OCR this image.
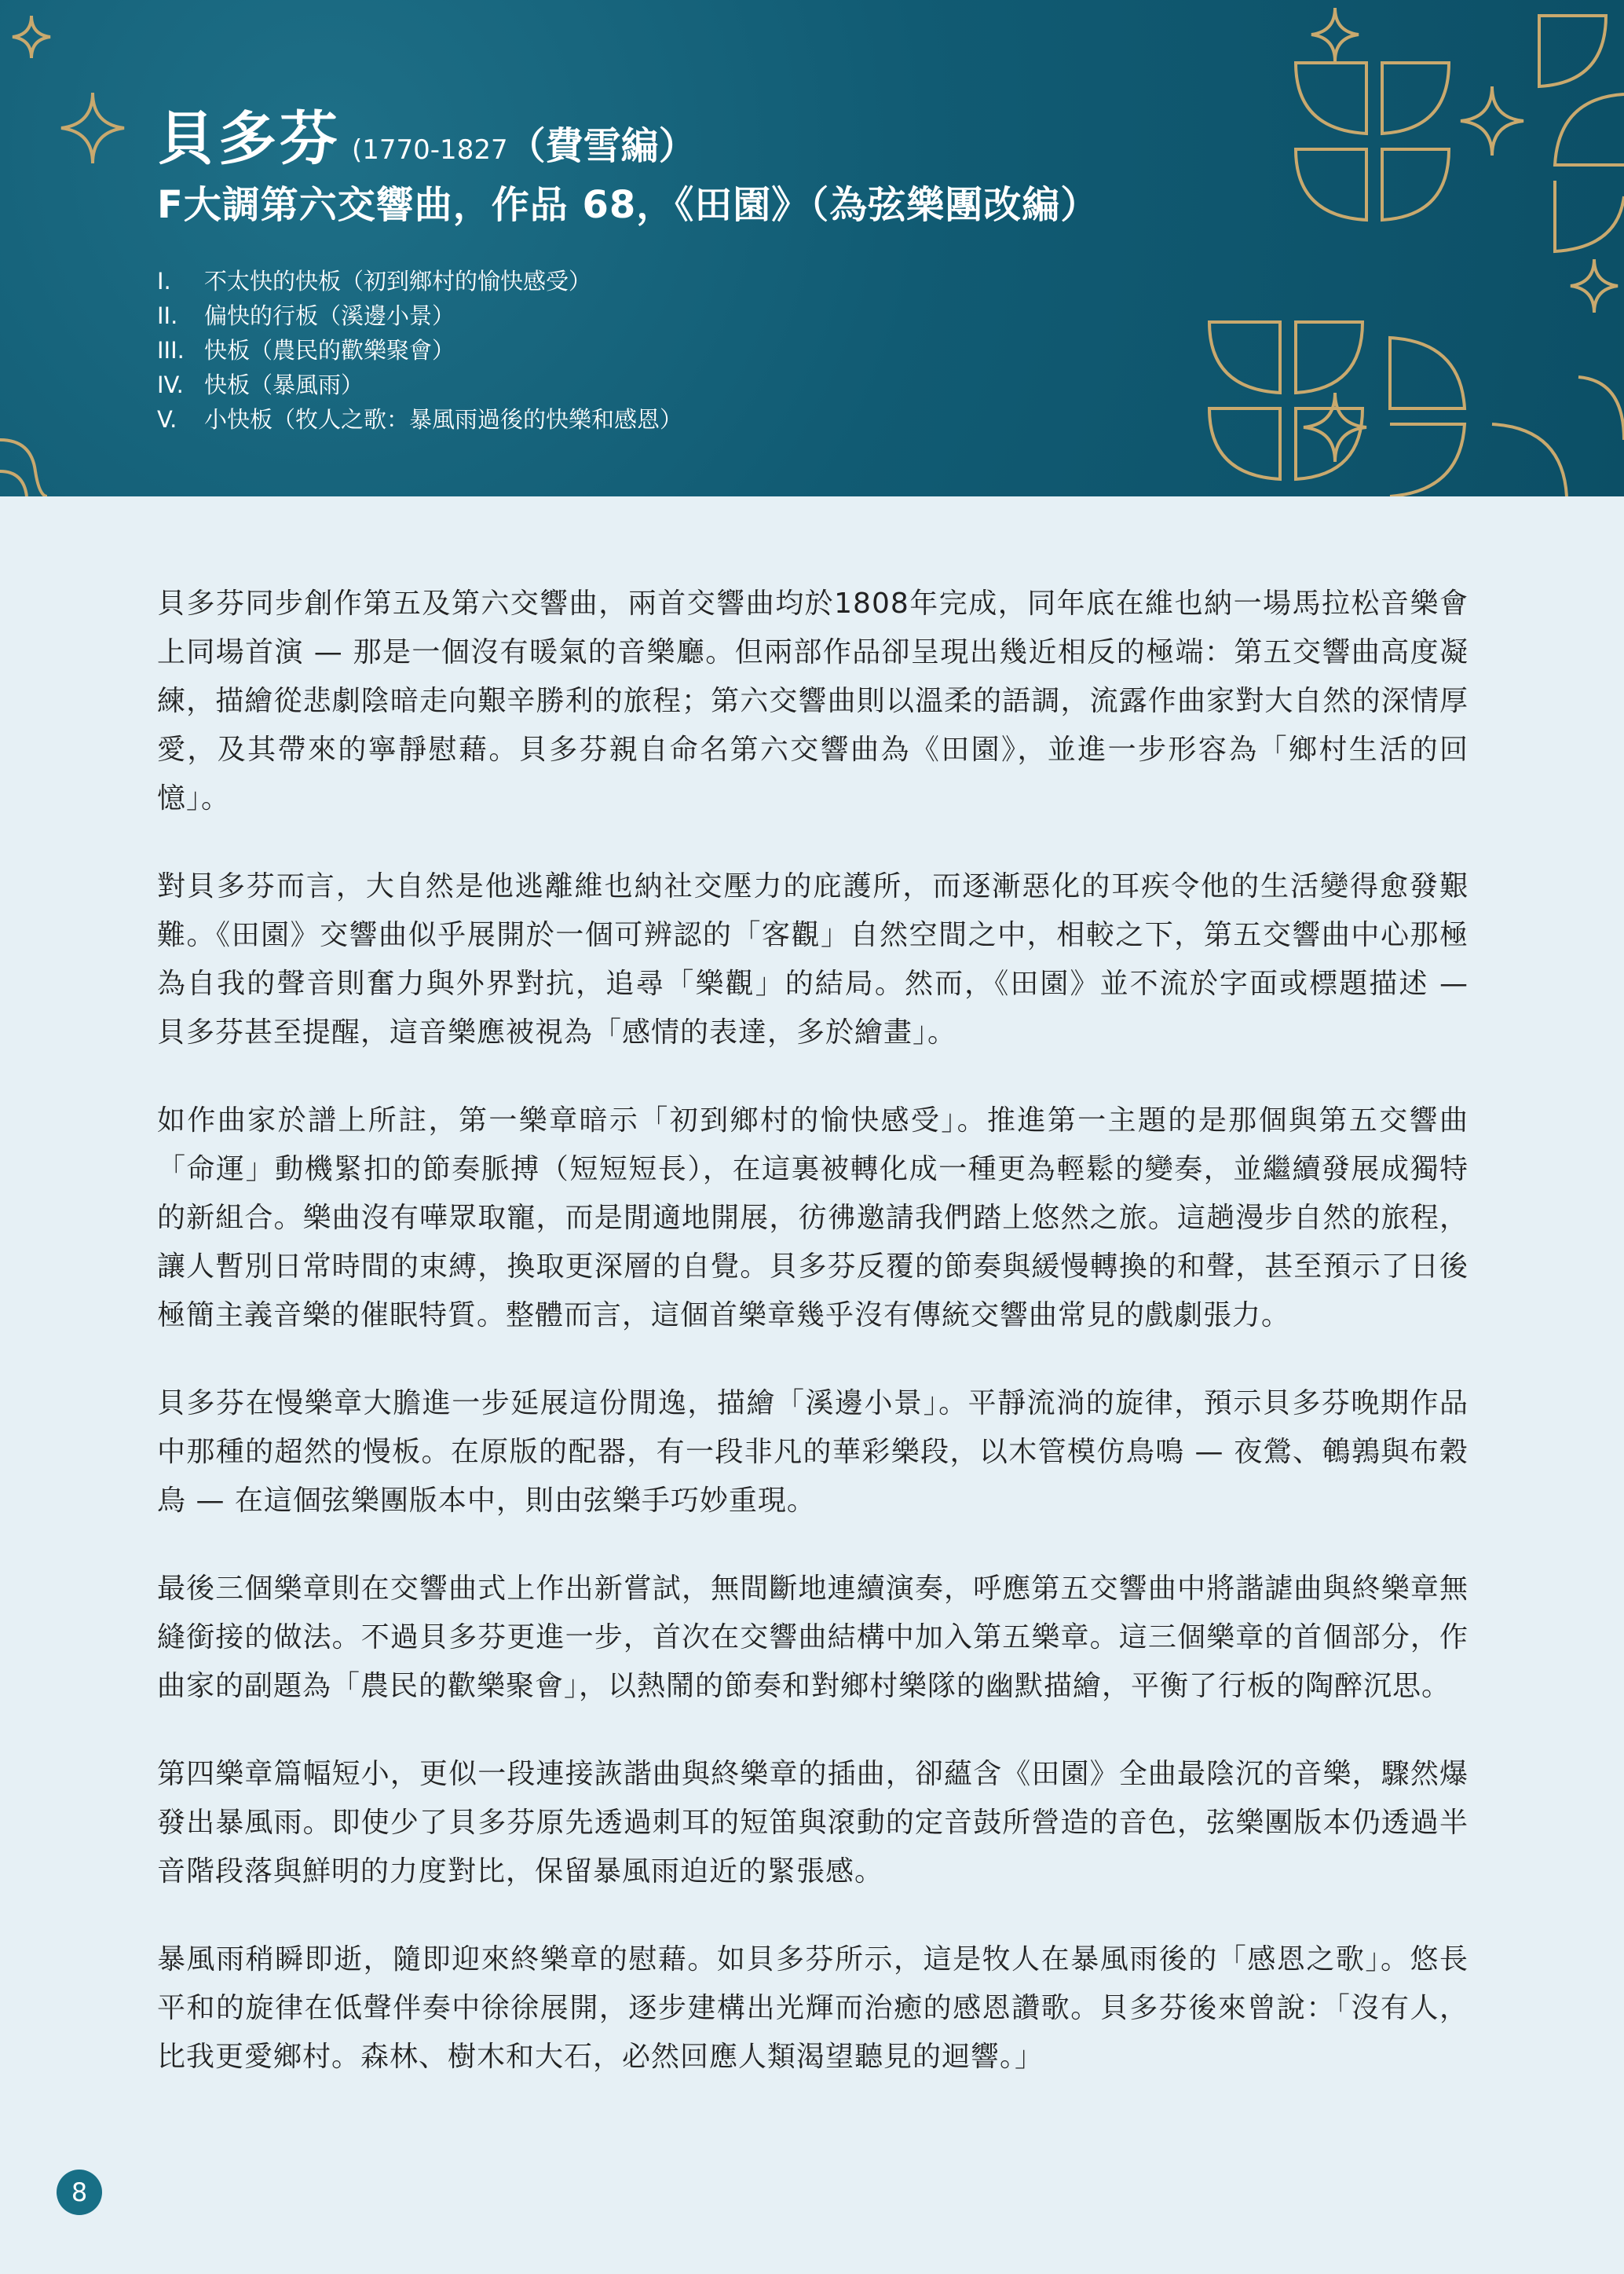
貝多芬 (1770-1827（費雪編）
F大調第六交響曲，作品 68，《田園》（為弦樂團改編）
I. 不太快的快板（初到鄉村的愉快感受）
II. 偏快的行板（溪邊小景）
III. 快板（農民的歡樂聚會）
IV. 快板（暴風雨）
V. 小快板（牧人之歌：暴風雨過後的快樂和感恩）

貝多芬同步創作第五及第六交響曲，兩首交響曲均於1808年完成，同年底在維也納一場馬拉松音樂會上同場首演 — 那是一個沒有暖氣的音樂廳。但兩部作品卻呈現出幾近相反的極端：第五交響曲高度凝練，描繪從悲劇陰暗走向艱辛勝利的旅程；第六交響曲則以溫柔的語調，流露作曲家對大自然的深情厚愛，及其帶來的寧靜慰藉。貝多芬親自命名第六交響曲為《田園》，並進一步形容為「鄉村生活的回憶」。

對貝多芬而言，大自然是他逃離維也納社交壓力的庇護所，而逐漸惡化的耳疾令他的生活變得愈發艱難。《田園》交響曲似乎展開於一個可辨認的「客觀」自然空間之中，相較之下，第五交響曲中心那極為自我的聲音則奮力與外界對抗，追尋「樂觀」的結局。然而，《田園》並不流於字面或標題描述 — 貝多芬甚至提醒，這音樂應被視為「感情的表達，多於繪畫」。

如作曲家於譜上所註，第一樂章暗示「初到鄉村的愉快感受」。推進第一主題的是那個與第五交響曲「命運」動機緊扣的節奏脈搏（短短短長），在這裏被轉化成一種更為輕鬆的變奏，並繼續發展成獨特的新組合。樂曲沒有嘩眾取寵，而是閒適地開展，彷彿邀請我們踏上悠然之旅。這趟漫步自然的旅程，讓人暫別日常時間的束縛，換取更深層的自覺。貝多芬反覆的節奏與緩慢轉換的和聲，甚至預示了日後極簡主義音樂的催眠特質。整體而言，這個首樂章幾乎沒有傳統交響曲常見的戲劇張力。

貝多芬在慢樂章大膽進一步延展這份閒逸，描繪「溪邊小景」。平靜流淌的旋律，預示貝多芬晚期作品中那種的超然的慢板。在原版的配器，有一段非凡的華彩樂段，以木管模仿鳥鳴 — 夜鶯、鵪鶉與布穀鳥 — 在這個弦樂團版本中，則由弦樂手巧妙重現。

最後三個樂章則在交響曲式上作出新嘗試，無間斷地連續演奏，呼應第五交響曲中將諧謔曲與終樂章無縫銜接的做法。不過貝多芬更進一步，首次在交響曲結構中加入第五樂章。這三個樂章的首個部分，作曲家的副題為「農民的歡樂聚會」，以熱鬧的節奏和對鄉村樂隊的幽默描繪，平衡了行板的陶醉沉思。

第四樂章篇幅短小，更似一段連接詼諧曲與終樂章的插曲，卻蘊含《田園》全曲最陰沉的音樂，驟然爆發出暴風雨。即使少了貝多芬原先透過刺耳的短笛與滾動的定音鼓所營造的音色，弦樂團版本仍透過半音階段落與鮮明的力度對比，保留暴風雨迫近的緊張感。

暴風雨稍瞬即逝，隨即迎來終樂章的慰藉。如貝多芬所示，這是牧人在暴風雨後的「感恩之歌」。悠長平和的旋律在低聲伴奏中徐徐展開，逐步建構出光輝而治癒的感恩讚歌。貝多芬後來曾說：「沒有人，比我更愛鄉村。森林、樹木和大石，必然回應人類渴望聽見的迴響。」

8
